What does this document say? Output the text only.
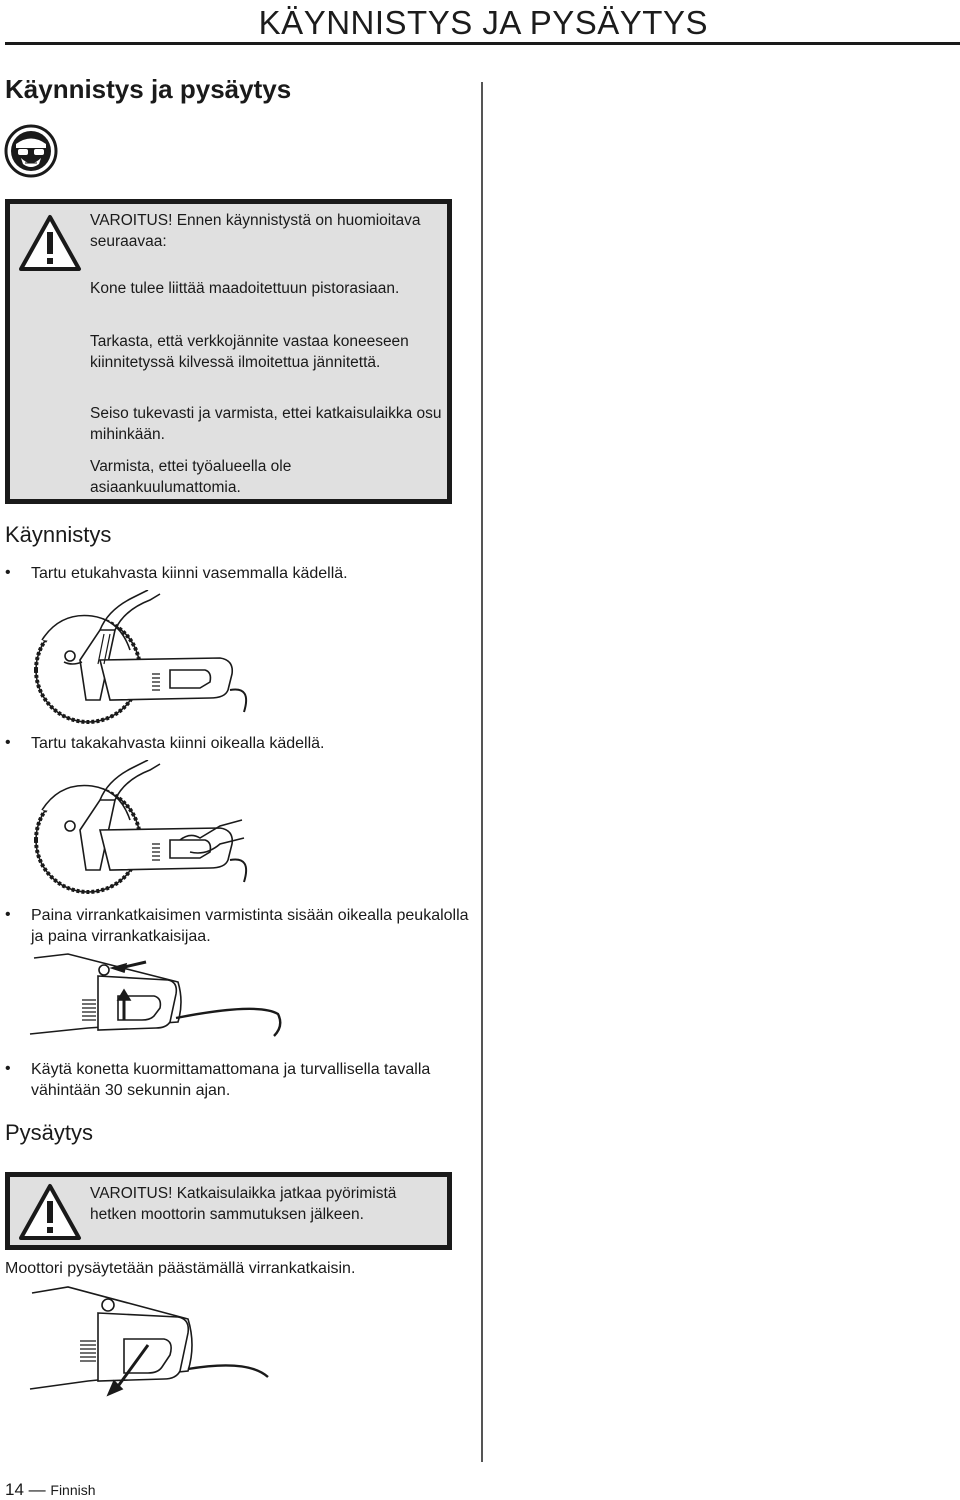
KÄYNNISTYS JA PYSÄYTYS
Käynnistys ja pysäytys

VAROITUS! Ennen käynnistystä on huomioitava seuraavaa:

Kone tulee liittää maadoitettuun pistorasiaan.

Tarkasta, että verkkojännite vastaa koneeseen kiinnitetyssä kilvessä ilmoitettua jännitettä.

Seiso tukevasti ja varmista, ettei katkaisulaikka osu mihinkään.

Varmista, ettei työalueella ole asiaankuulumattomia.

Käynnistys
• Tartu etukahvasta kiinni vasemmalla kädellä.
• Tartu takakahvasta kiinni oikealla kädellä.
• Paina virrankatkaisimen varmistinta sisään oikealla peukalolla ja paina virrankatkaisijaa.
• Käytä konetta kuormittamattomana ja turvallisella tavalla vähintään 30 sekunnin ajan.
Pysäytys

VAROITUS! Katkaisulaikka jatkaa pyörimistä hetken moottorin sammutuksen jälkeen.

Moottori pysäytetään päästämällä virrankatkaisin.
14 — Finnish
